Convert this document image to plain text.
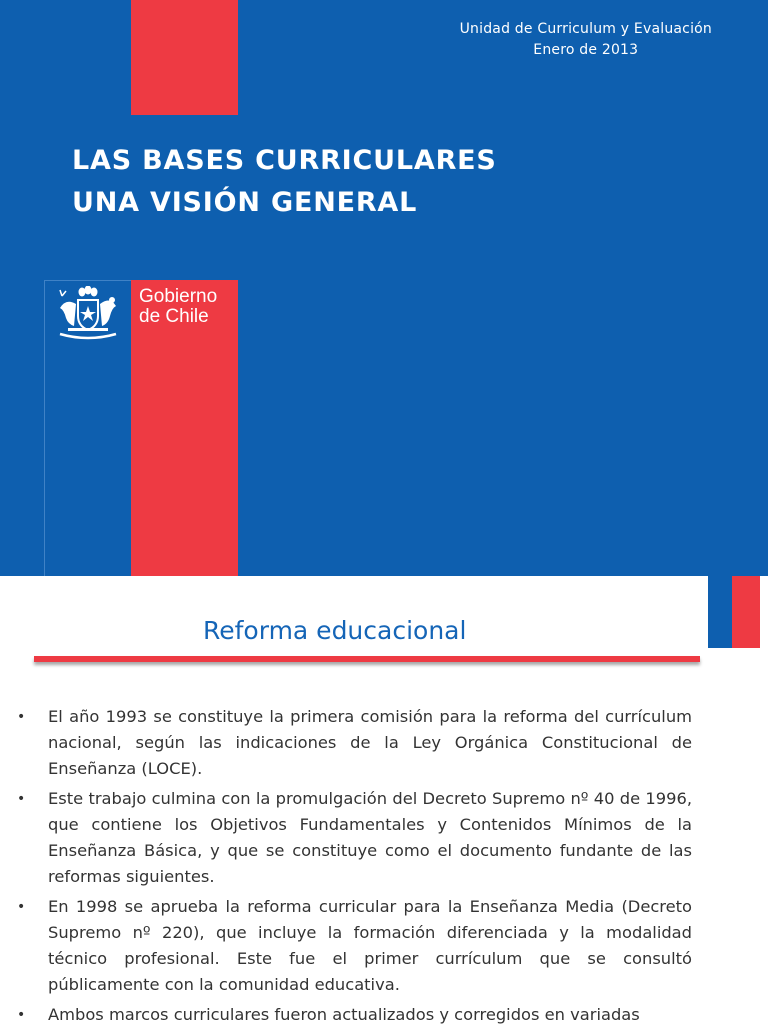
Unidad de Curriculum y Evaluación
Enero de 2013
LAS BASES CURRICULARES
UNA VISIÓN GENERAL
Gobierno
de Chile
Reforma educacional
• El año 1993 se constituye la primera comisión para la reforma del currículum nacional, según las indicaciones de la Ley Orgánica Constitucional de Enseñanza (LOCE).
• Este trabajo culmina con la promulgación del Decreto Supremo nº 40 de 1996, que contiene los Objetivos Fundamentales y Contenidos Mínimos de la Enseñanza Básica, y que se constituye como el documento fundante de las reformas siguientes.
• En 1998 se aprueba la reforma curricular para la Enseñanza Media (Decreto Supremo nº 220), que incluye la formación diferenciada y la modalidad técnico profesional. Este fue el primer currículum que se consultó públicamente con la comunidad educativa.
• Ambos marcos curriculares fueron actualizados y corregidos en variadas
